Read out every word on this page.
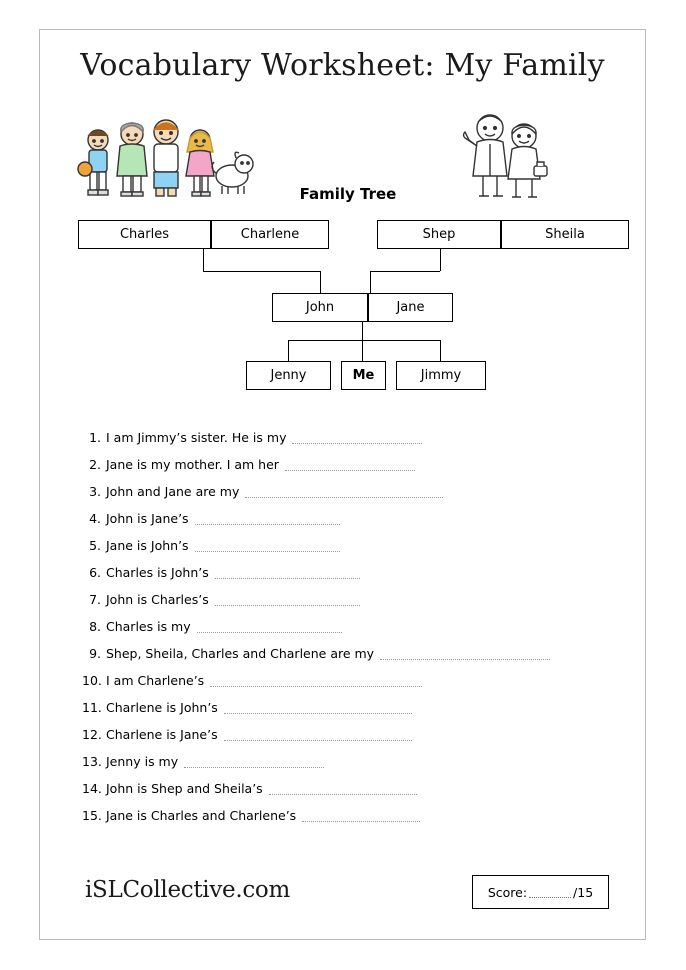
Vocabulary Worksheet: My Family
Family Tree
Charles	Charlene	Shep	Sheila
John	Jane
Jenny	Me	Jimmy
1. I am Jimmy’s sister. He is my
2. Jane is my mother. I am her
3. John and Jane are my
4. John is Jane’s
5. Jane is John’s
6. Charles is John’s
7. John is Charles’s
8. Charles is my
9. Shep, Sheila, Charles and Charlene are my
10. I am Charlene’s
11. Charlene is John’s
12. Charlene is Jane’s
13. Jenny is my
14. John is Shep and Sheila’s
15. Jane is Charles and Charlene’s
iSLCollective.com	Score:	/15
